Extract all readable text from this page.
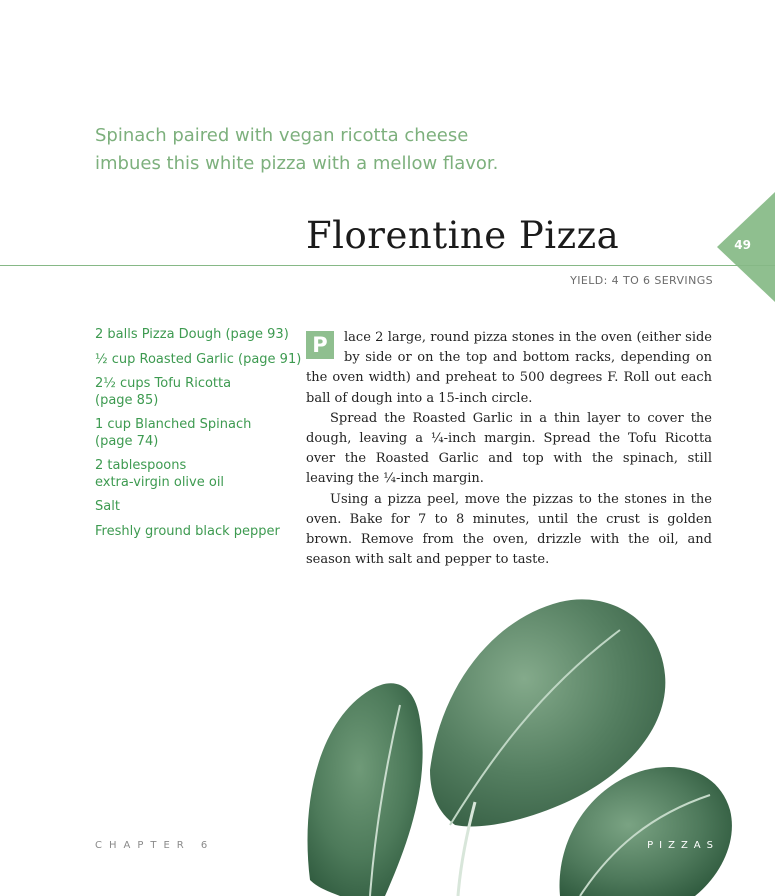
Spinach paired with vegan ricotta cheese
imbues this white pizza with a mellow flavor.
49
Florentine Pizza
YIELD: 4 TO 6 SERVINGS
2 balls Pizza Dough (page 93)
½ cup Roasted Garlic (page 91)
2½ cups Tofu Ricotta
(page 85)
1 cup Blanched Spinach
(page 74)
2 tablespoons
extra-virgin olive oil
Salt
Freshly ground black pepper

P	lace 2 large, round pizza stones in the oven (either side by side or on the top and bottom racks, depending on the oven width) and preheat to 500 degrees F. Roll out each ball of dough into a 15-inch circle.

Spread the Roasted Garlic in a thin layer to cover the dough, leaving a ¼-inch margin. Spread the Tofu Ricotta over the Roasted Garlic and top with the spinach, still leaving the ¼-inch margin.

Using a pizza peel, move the pizzas to the stones in the oven. Bake for 7 to 8 minutes, until the crust is golden brown. Remove from the oven, drizzle with the oil, and season with salt and pepper to taste.

CHAPTER 6	PIZZAS
